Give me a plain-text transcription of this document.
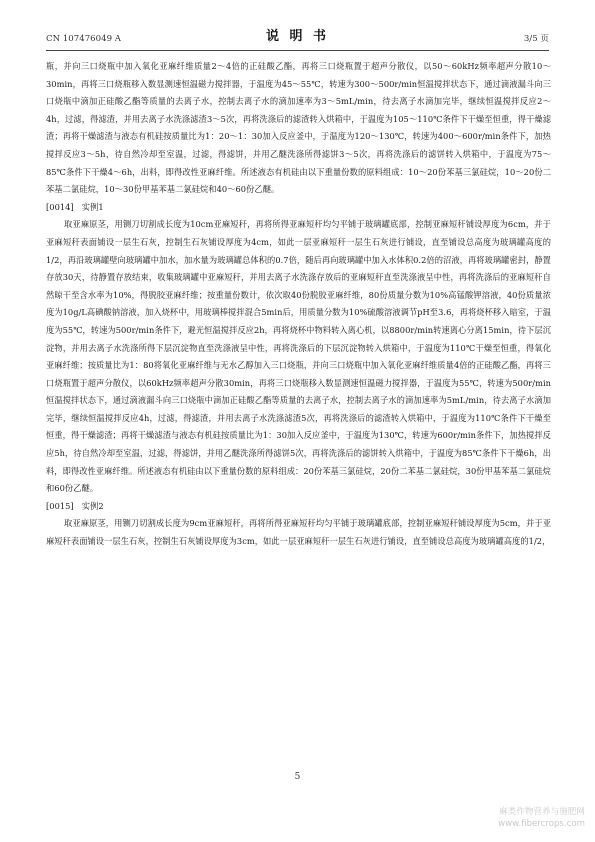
CN 107476049 A	说 明 书	3/5 页

瓶，并向三口烧瓶中加入氧化亚麻纤维质量2～4倍的正硅酸乙酯，再将三口烧瓶置于超声分散仪，以50～60kHz频率超声分散10～30min，再将三口烧瓶移入数显测速恒温磁力搅拌器，于温度为45～55℃，转速为300～500r/min恒温搅拌状态下，通过滴液漏斗向三口烧瓶中滴加正硅酸乙酯等质量的去离子水，控制去离子水的滴加速率为3～5mL/min，待去离子水滴加完毕，继续恒温搅拌反应2～4h，过滤，得滤渣，并用去离子水洗涤滤渣3～5次，再将洗涤后的滤渣转入烘箱中，于温度为105～110℃条件下干燥至恒重，得干燥滤渣；再将干燥滤渣与液态有机硅按质量比为1：20～1：30加入反应釜中，于温度为120～130℃，转速为400～600r/min条件下，加热搅拌反应3～5h，待自然冷却至室温，过滤，得滤饼，并用乙醚洗涤所得滤饼3～5次，再将洗涤后的滤饼转入烘箱中，于温度为75～85℃条件下干燥4～6h，出料，即得改性亚麻纤维。所述液态有机硅由以下重量份数的原料组成：10～20份苯基三氯硅烷，10～20份二苯基二氯硅烷，10～30份甲基苯基二氯硅烷和40～60份乙醚。

[0014] 实例1

取亚麻原茎，用铡刀切割成长度为10cm亚麻短秆，再将所得亚麻短秆均匀平铺于玻璃罐底部，控制亚麻短秆铺设厚度为6cm，并于亚麻短秆表面铺设一层生石灰，控制生石灰铺设厚度为4cm，如此一层亚麻短秆一层生石灰进行铺设，直至铺设总高度为玻璃罐高度的1/2，再沿玻璃罐壁向玻璃罐中加水，加水量为玻璃罐总体积的0.7倍，随后再向玻璃罐中加入水体积0.2倍的沼液，再将玻璃罐密封，静置存放30天，待静置存放结束，收集玻璃罐中亚麻短秆，并用去离子水洗涤存放后的亚麻短秆直至洗涤液呈中性，再将洗涤后的亚麻短秆自然晾干至含水率为10%，得脱胶亚麻纤维；按重量份数计，依次取40份脱胶亚麻纤维，80份质量分数为10%高锰酸钾溶液，40份质量浓度为10g/L高碘酸钠溶液，加入烧杯中，用玻璃棒搅拌混合5min后，用质量分数为10%硫酸溶液调节pH至3.6，再将烧杯移入暗室，于温度为55℃，转速为500r/min条件下，避光恒温搅拌反应2h，再将烧杯中物料转入离心机，以8800r/min转速离心分离15min，待下层沉淀物，并用去离子水洗涤所得下层沉淀物直至洗涤液呈中性，再将洗涤后的下层沉淀物转入烘箱中，于温度为110℃干燥至恒重，得氧化亚麻纤维；按质量比为1：80将氧化亚麻纤维与无水乙醇加入三口烧瓶，并向三口烧瓶中加入氧化亚麻纤维质量4倍的正硅酸乙酯，再将三口烧瓶置于超声分散仪，以60kHz频率超声分散30min，再将三口烧瓶移入数显测速恒温磁力搅拌器，于温度为55℃，转速为500r/min恒温搅拌状态下，通过滴液漏斗向三口烧瓶中滴加正硅酸乙酯等质量的去离子水，控制去离子水的滴加速率为5mL/min，待去离子水滴加完毕，继续恒温搅拌反应4h，过滤，得滤渣，并用去离子水洗涤滤渣5次，再将洗涤后的滤渣转入烘箱中，于温度为110℃条件下干燥至恒重，得干燥滤渣；再将干燥滤渣与液态有机硅按质量比为1：30加入反应釜中，于温度为130℃，转速为600r/min条件下，加热搅拌反应5h，待自然冷却至室温，过滤，得滤饼，并用乙醚洗涤所得滤饼5次，再将洗涤后的滤饼转入烘箱中，于温度为85℃条件下干燥6h，出料，即得改性亚麻纤维。所述液态有机硅由以下重量份数的原料组成：20份苯基三氯硅烷，20份二苯基二氯硅烷，30份甲基苯基二氯硅烷和60份乙醚。

[0015] 实例2

取亚麻原茎，用铡刀切割成长度为9cm亚麻短秆，再将所得亚麻短秆均匀平铺于玻璃罐底部，控制亚麻短秆铺设厚度为5cm，并于亚麻短秆表面铺设一层生石灰，控制生石灰铺设厚度为3cm，如此一层亚麻短秆一层生石灰进行铺设，直至铺设总高度为玻璃罐高度的1/2，

5
麻类作物营养与施肥网
www.fibercrops.com
